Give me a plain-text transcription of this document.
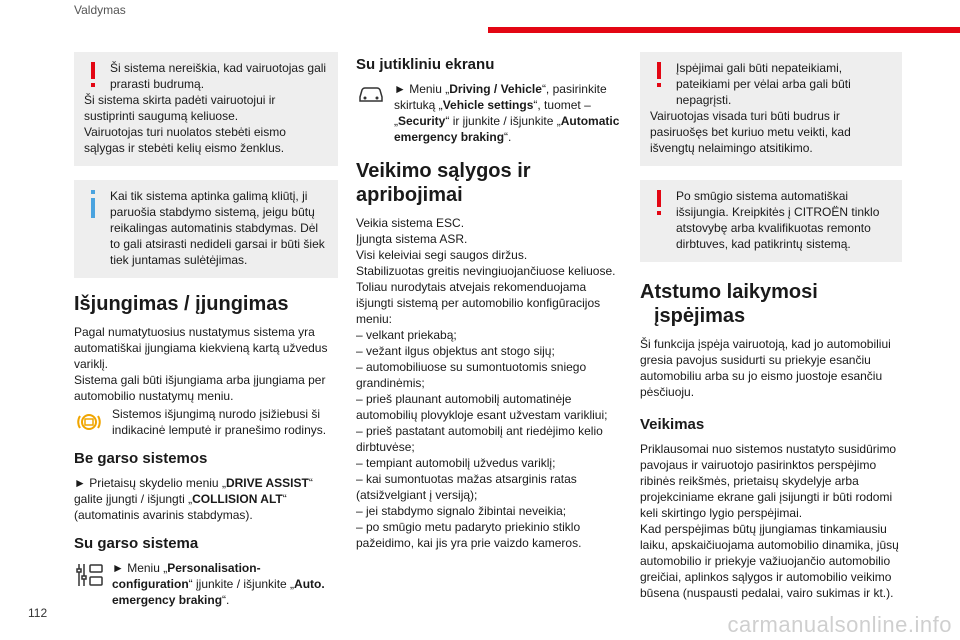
Valdymas

Ši sistema nereiškia, kad vairuotojas gali prarasti budrumą.

Ši sistema skirta padėti vairuotojui ir sustiprinti saugumą keliuose.

Vairuotojas turi nuolatos stebėti eismo sąlygas ir stebėti kelių eismo ženklus.

Kai tik sistema aptinka galimą kliūtį, ji paruošia stabdymo sistemą, jeigu būtų reikalingas automatinis stabdymas. Dėl to gali atsirasti nedideli garsai ir būti šiek tiek juntamas sulėtėjimas.

Išjungimas / įjungimas

Pagal numatytuosius nustatymus sistema yra automatiškai įjungiama kiekvieną kartą užvedus variklį.

Sistema gali būti išjungiama arba įjungiama per automobilio nustatymų meniu.

Sistemos išjungimą nurodo įsižiebusi ši indikacinė lemputė ir pranešimo rodinys.

Be garso sistemos

► Prietaisų skydelio meniu „DRIVE ASSIST“ galite įjungti / išjungti „COLLISION ALT“ (automatinis avarinis stabdymas).

Su garso sistema

► Meniu „Personalisation-configuration“ įjunkite / išjunkite „Auto. emergency braking“.

Su jutikliniu ekranu

► Meniu „Driving / Vehicle“, pasirinkite skirtuką „Vehicle settings“, tuomet – „Security“ ir įjunkite / išjunkite „Automatic emergency braking“.

Veikimo sąlygos ir apribojimai

Veikia sistema ESC.

Įjungta sistema ASR.

Visi keleiviai segi saugos diržus.

Stabilizuotas greitis nevingiuojančiuose keliuose.

Toliau nurodytais atvejais rekomenduojama išjungti sistemą per automobilio konfigūracijos meniu:

– velkant priekabą;

– vežant ilgus objektus ant stogo sijų;

– automobiliuose su sumontuotomis sniego grandinėmis;

– prieš plaunant automobilį automatinėje automobilių plovykloje esant užvestam varikliui;

– prieš pastatant automobilį ant riedėjimo kelio dirbtuvėse;

– tempiant automobilį užvedus variklį;

– kai sumontuotas mažas atsarginis ratas (atsižvelgiant į versiją);

– jei stabdymo signalo žibintai neveikia;

– po smūgio metu padaryto priekinio stiklo pažeidimo, kai jis yra prie vaizdo kameros.

Įspėjimai gali būti nepateikiami, pateikiami per vėlai arba gali būti nepagrįsti.

Vairuotojas visada turi būti budrus ir pasiruošęs bet kuriuo metu veikti, kad išvengtų nelaimingo atsitikimo.

Po smūgio sistema automatiškai išsijungia. Kreipkitės į CITROËN tinklo atstovybę arba kvalifikuotas remonto dirbtuves, kad patikrintų sistemą.

Atstumo laikymosi įspėjimas

Ši funkcija įspėja vairuotoją, kad jo automobiliui gresia pavojus susidurti su priekyje esančiu automobiliu arba su jo eismo juostoje esančiu pėsčiuoju.

Veikimas

Priklausomai nuo sistemos nustatyto susidūrimo pavojaus ir vairuotojo pasirinktos perspėjimo ribinės reikšmės, prietaisų skydelyje arba projekciniame ekrane gali įsijungti ir būti rodomi keli skirtingo lygio perspėjimai.

Kad perspėjimas būtų įjungiamas tinkamiausiu laiku, apskaičiuojama automobilio dinamika, jūsų automobilio ir priekyje važiuojančio automobilio greičiai, aplinkos sąlygos ir automobilio veikimo būsena (nuspausti pedalai, vairo sukimas ir kt.).

112	carmanualsonline.info
